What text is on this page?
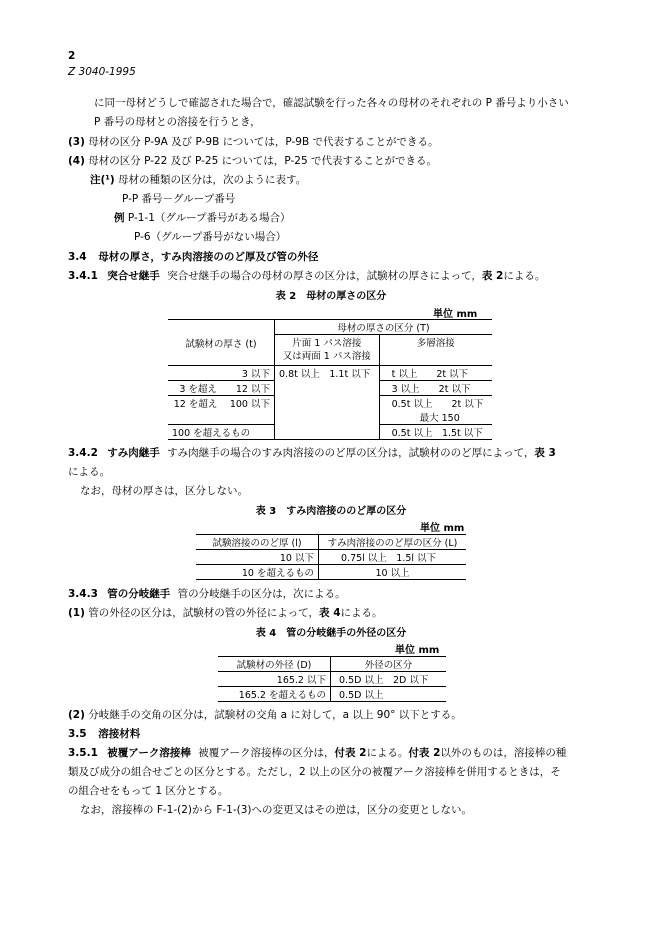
2
Z 3040-1995
に同一母材どうしで確認された場合で，確認試験を行った各々の母材のそれぞれの P 番号より小さい
P 番号の母材との溶接を行うとき，
(3) 母材の区分 P-9A 及び P-9B については，P-9B で代表することができる。
(4) 母材の区分 P-22 及び P-25 については，P-25 で代表することができる。
注(¹) 母材の種類の区分は，次のように表す。
P-P 番号－グループ番号
例 P-1-1（グループ番号がある場合）
P-6（グループ番号がない場合）
3.4 母材の厚さ，すみ肉溶接ののど厚及び管の外径
3.4.1 突合せ継手 突合せ継手の場合の母材の厚さの区分は，試験材の厚さによって，表 2による。
表 2　母材の厚さの区分
単位 mm
試験材の厚さ (t)	母材の厚さの区分 (T)	

	片面 1 パス溶接
又は両面 1 パス溶接	多層溶接
3 以下	0.8t 以上　1.1t 以下	t 以上　　2t 以下
3 を超え　　12 以下		3 以上　　2t 以下
12 を超え　 100 以下		0.5t 以上　　2t 以下
		最大 150
100 を超えるもの		0.5t 以上　1.5t 以下
3.4.2 すみ肉継手 すみ肉継手の場合のすみ肉溶接ののど厚の区分は，試験材ののど厚によって，表 3
による。
なお，母材の厚さは，区分しない。
表 3　すみ肉溶接ののど厚の区分
単位 mm
試験溶接ののど厚 (l)	すみ肉溶接ののど厚の区分 (L)
10 以下	0.75l 以上　1.5l 以下
10 を超えるもの	10 以上
3.4.3 管の分岐継手 管の分岐継手の区分は，次による。
(1) 管の外径の区分は，試験材の管の外径によって，表 4による。
表 4　管の分岐継手の外径の区分
単位 mm
試験材の外径 (D)	外径の区分
165.2 以下	0.5D 以上　2D 以下
165.2 を超えるもの	0.5D 以上
(2) 分岐継手の交角の区分は，試験材の交角 a に対して，a 以上 90° 以下とする。
3.5 溶接材料
3.5.1 被覆アーク溶接棒 被覆アーク溶接棒の区分は，付表 2による。付表 2以外のものは，溶接棒の種
類及び成分の組合せごとの区分とする。ただし，2 以上の区分の被覆アーク溶接棒を併用するときは，そ
の組合せをもって 1 区分とする。
なお，溶接棒の F-1-(2)から F-1-(3)への変更又はその逆は，区分の変更としない。
